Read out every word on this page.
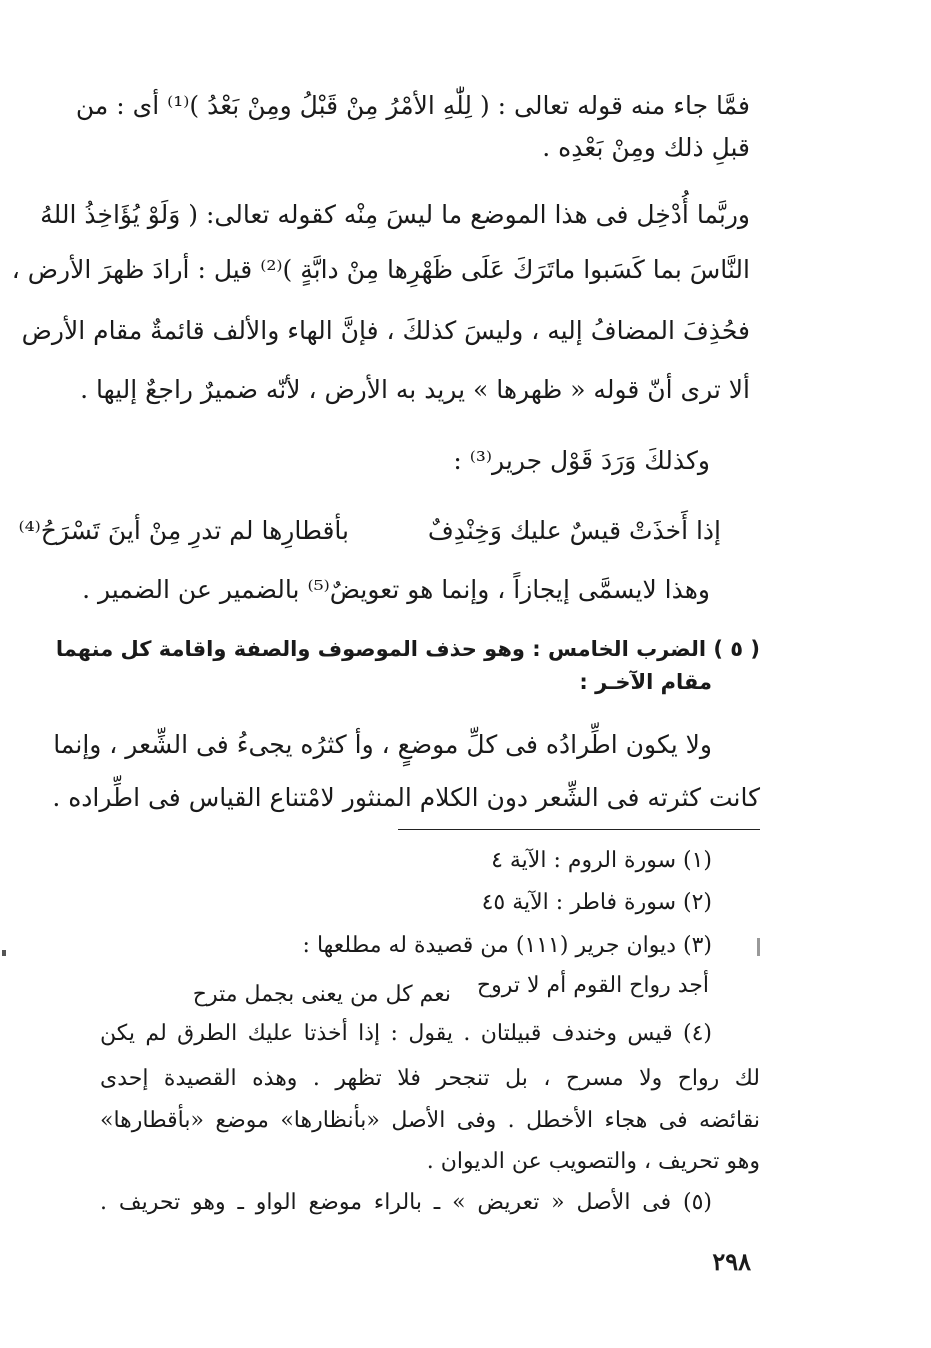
فمَّا جاء منه قوله تعالى : ( لِلّٰهِ الأمْرُ مِنْ قَبْلُ ومِنْ بَعْدُ )⁽¹⁾ أى : من
قبلِ ذلك ومِنْ بَعْدِه .
وربَّما أُدْخِل فى هذا الموضع ما ليسَ مِنْه كقوله تعالى: ( وَلَوْ يُؤَاخِذُ اللهُ
النَّاسَ بما كَسَبوا ماتَرَكَ عَلَى ظَهْرِها مِنْ دابَّةٍ )⁽²⁾ قيل : أرادَ ظهرَ الأرض ،
فحُذِفَ المضافُ إليه ، وليسَ كذلكَ ، فإنَّ الهاء والألف قائمةٌ مقام الأرض
ألا ترى أنّ قوله « ظهرها » يريد به الأرض ، لأنّه ضميرٌ راجعٌ إليها .
وكذلكَ وَرَدَ قَوْل جرير⁽³⁾ :
إذا أَخذَتْ قيسٌ عليك وَخِنْدِفٌ
بأقطارِها لم تدرِ مِنْ أينَ تَسْرَحُ⁽⁴⁾
وهذا لايسمَّى إيجازاً ، وإنما هو تعويضٌ⁽⁵⁾ بالضمير عن الضمير .
( ٥ ) الضرب الخامس : وهو حذف الموصوف والصفة واقامة كل منهما
مقام الآخـر :
ولا يكون اطِّرادُه فى كلِّ موضعٍ ، وأ كثرُه يجىءُ فى الشِّعر ، وإنما
كانت كثرته فى الشِّعر دون الكلام المنثور لامْتناع القياس فى اطِّراده .
(١) سورة الروم : الآية ٤
(٢) سورة فاطر : الآية ٤٥
(٣) ديوان جرير (١١١) من قصيدة له مطلعها :
أجد رواح القوم أم لا تروح
نعم كل من يعنى بجمل مترح
(٤) قيس وخندف قبيلتان . يقول : إذا أخذتا عليك الطرق لم يكن
لك رواح ولا مسرح ، بل تنجحر فلا تظهر . وهذه القصيدة إحدى
نقائضه فى هجاء الأخطل . وفى الأصل «بأنظارها» موضع «بأقطارها»
وهو تحريف ، والتصويب عن الديوان .
(٥) فى الأصل « تعريض » ـ بالراء موضع الواو ـ وهو تحريف .
٢٩٨
